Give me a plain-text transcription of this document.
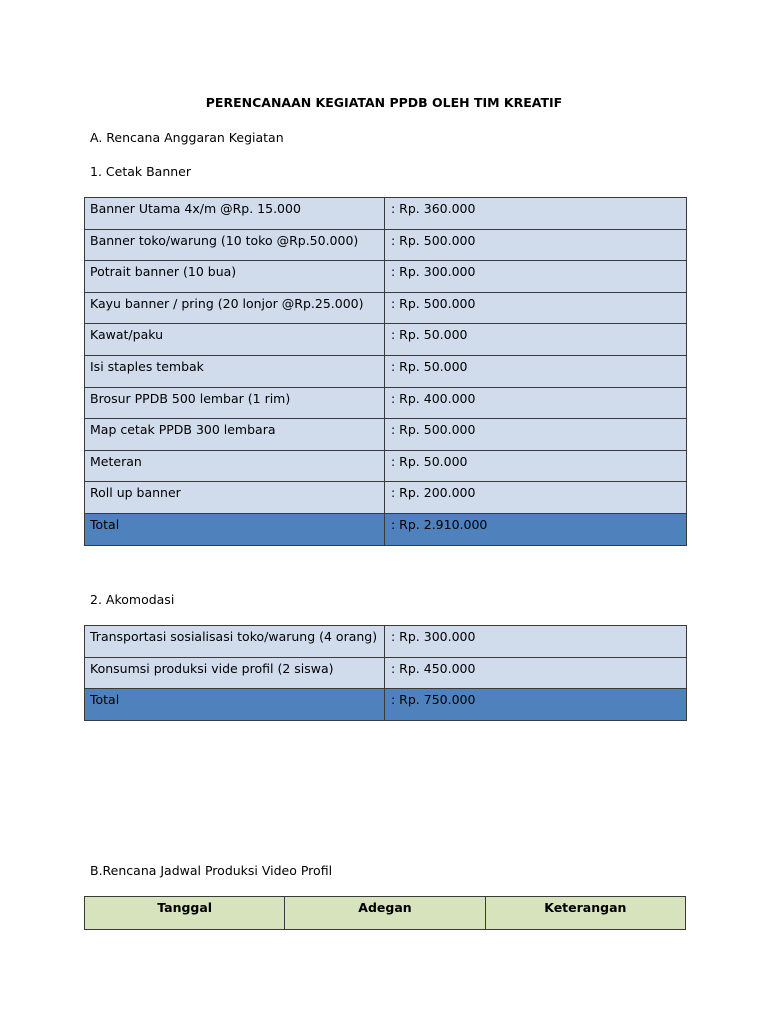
PERENCANAAN KEGIATAN PPDB OLEH TIM KREATIF
A. Rencana Anggaran Kegiatan
1. Cetak Banner
Banner Utama 4x/m @Rp. 15.000	: Rp. 360.000
Banner toko/warung (10 toko @Rp.50.000)	: Rp. 500.000
Potrait banner (10 bua)	: Rp. 300.000
Kayu banner / pring (20 lonjor @Rp.25.000)	: Rp. 500.000
Kawat/paku	: Rp. 50.000
Isi staples tembak	: Rp. 50.000
Brosur PPDB 500 lembar (1 rim)	: Rp. 400.000
Map cetak PPDB 300 lembara	: Rp. 500.000
Meteran	: Rp. 50.000
Roll up banner	: Rp. 200.000
Total	: Rp. 2.910.000
2. Akomodasi
Transportasi sosialisasi toko/warung (4 orang)	: Rp. 300.000
Konsumsi produksi vide profil (2 siswa)	: Rp. 450.000
Total	: Rp. 750.000
B.Rencana Jadwal Produksi Video Profil
Tanggal	Adegan	Keterangan
